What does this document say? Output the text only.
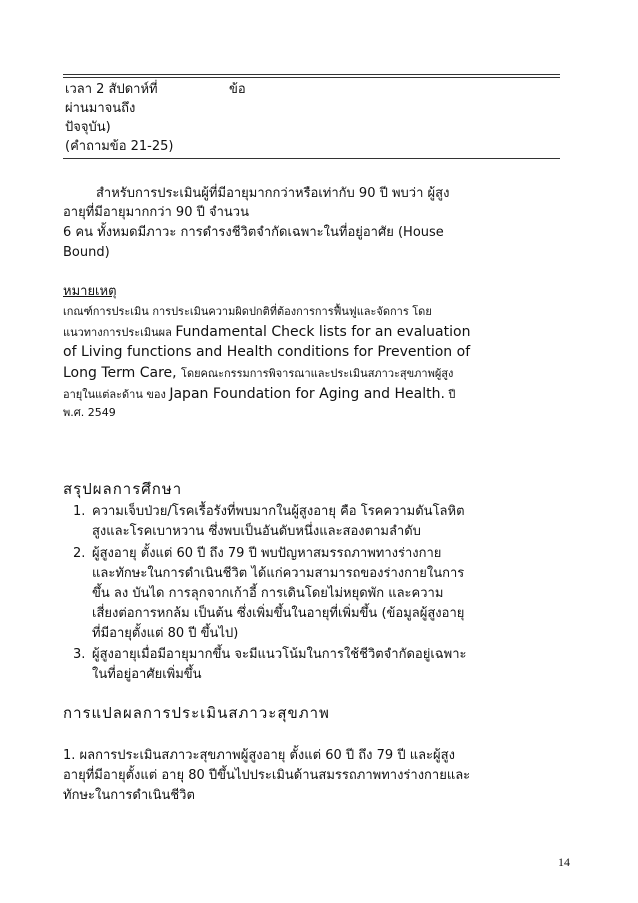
เวลา 2 สัปดาห์ที่
ผ่านมาจนถึง
ปัจจุบัน)
(คำถามข้อ 21-25)
ข้อ
สำหรับการประเมินผู้ที่มีอายุมากกว่าหรือเท่ากับ 90 ปี พบว่า ผู้สูง
อายุที่มีอายุมากกว่า 90 ปี จำนวน
6 คน ทั้งหมดมีภาวะ การดำรงชีวิตจำกัดเฉพาะในที่อยู่อาศัย (House
Bound)
หมายเหตุ
เกณฑ์การประเมิน การประเมินความผิดปกติที่ต้องการการฟื้นฟูและจัดการ โดย
แนวทางการประเมินผล Fundamental Check lists for an evaluation
of Living functions and Health conditions for Prevention of
Long Term Care, โดยคณะกรรมการพิจารณาและประเมินสภาวะสุขภาพผู้สูง
อายุในแต่ละด้าน ของ Japan Foundation for Aging and Health. ปี
พ.ศ. 2549
สรุปผลการศึกษา
1. ความเจ็บป่วย/โรคเรื้อรังที่พบมากในผู้สูงอายุ คือ โรคความดันโลหิต
สูงและโรคเบาหวาน ซึ่งพบเป็นอันดับหนึ่งและสองตามลำดับ
2. ผู้สูงอายุ ตั้งแต่ 60 ปี ถึง 79 ปี พบปัญหาสมรรถภาพทางร่างกาย
และทักษะในการดำเนินชีวิต ได้แก่ความสามารถของร่างกายในการ
ขึ้น ลง บันได การลุกจากเก้าอี้ การเดินโดยไม่หยุดพัก และความ
เสี่ยงต่อการหกล้ม เป็นต้น ซึ่งเพิ่มขึ้นในอายุที่เพิ่มขึ้น (ข้อมูลผู้สูงอายุ
ที่มีอายุตั้งแต่ 80 ปี ขึ้นไป)
3. ผู้สูงอายุเมื่อมีอายุมากขึ้น จะมีแนวโน้มในการใช้ชีวิตจำกัดอยู่เฉพาะ
ในที่อยู่อาศัยเพิ่มขึ้น
การแปลผลการประเมินสภาวะสุขภาพ
1. ผลการประเมินสภาวะสุขภาพผู้สูงอายุ ตั้งแต่ 60 ปี ถึง 79 ปี และผู้สูง
อายุที่มีอายุตั้งแต่ อายุ 80 ปีขึ้นไปประเมินด้านสมรรถภาพทางร่างกายและ
ทักษะในการดำเนินชีวิต
14
